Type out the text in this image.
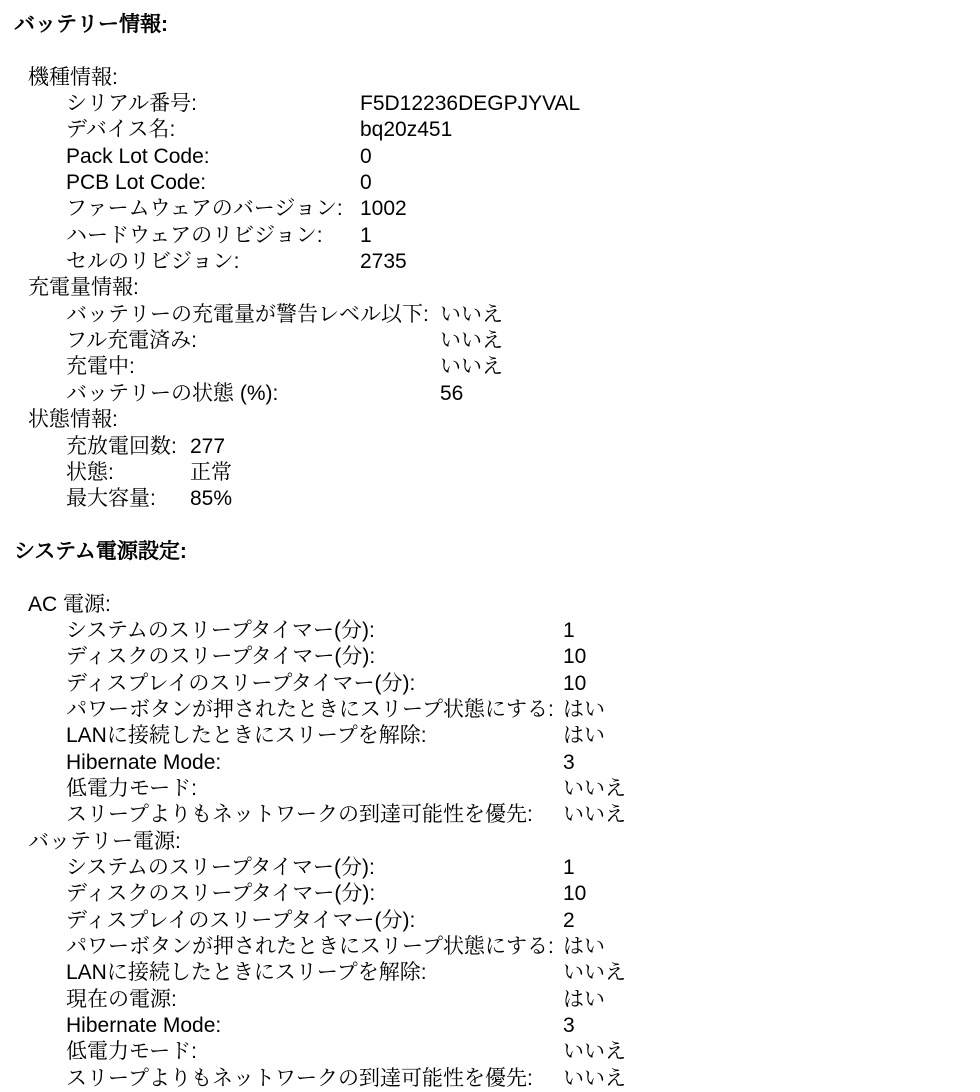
バッテリー情報:
機種情報:
シリアル番号:	F5D12236DEGPJYVAL
デバイス名:	bq20z451
Pack Lot Code:	0
PCB Lot Code:	0
ファームウェアのバージョン: 1002
ハードウェアのリビジョン: 1
セルのリビジョン:	2735
充電量情報:
バッテリーの充電量が警告レベル以下: いいえ
フル充電済み:	いいえ
充電中:	いいえ
バッテリーの状態 (%):	56
状態情報:
充放電回数: 277
状態:	正常
最大容量: 85%
システム電源設定:
AC 電源:
システムのスリープタイマー(分):	1
ディスクのスリープタイマー(分):	10
ディスプレイのスリープタイマー(分):	10
パワーボタンが押されたときにスリープ状態にする: はい
LANに接続したときにスリープを解除:	はい
Hibernate Mode:	3
低電力モード:	いいえ
スリープよりもネットワークの到達可能性を優先: いいえ
バッテリー電源:
システムのスリープタイマー(分):	1
ディスクのスリープタイマー(分):	10
ディスプレイのスリープタイマー(分):	2
パワーボタンが押されたときにスリープ状態にする: はい
LANに接続したときにスリープを解除:	いいえ
現在の電源:	はい
Hibernate Mode:	3
低電力モード:	いいえ
スリープよりもネットワークの到達可能性を優先: いいえ
